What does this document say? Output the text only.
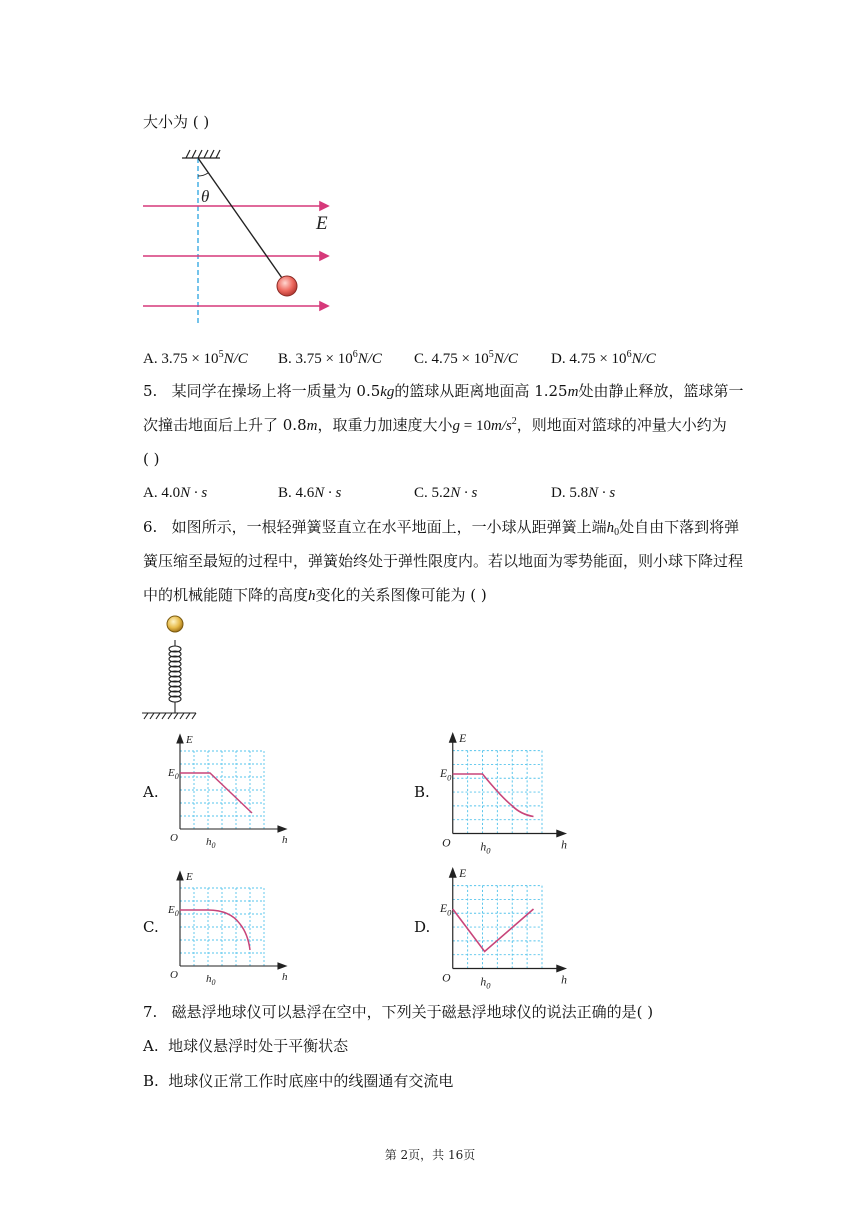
大小为 ( )
θ
E
A. $3.75 \times 10^5N/C$ B. $3.75 \times 10^6N/C$ C. $4.75 \times 10^5N/C$ D. $4.75 \times 10^6N/C$
5. 某同学在操场上将一质量为 0.5kg的篮球从距离地面高 1.25m处由静止释放，篮球第一
次撞击地面后上升了 0.8m，取重力加速度大小$g = 10m/s^2$，则地面对篮球的冲量大小约为
( )
A. 4.0N · s	B. 4.6N · s	C. 5.2N · s	D. 5.8N · s
6. 如图所示，一根轻弹簧竖直立在水平地面上，一小球从距弹簧上端$h_0$处自由下落到将弹
簧压缩至最短的过程中，弹簧始终处于弹性限度内。若以地面为零势能面，则小球下降过程
中的机械能随下降的高度h变化的关系图像可能为 ( )
A.	B.
C.	D.
E
h
O
$E_0$
$h_0$
E
h
O
$E_0$
$h_0$
E
h
O
$E_0$
$h_0$
E
h
O
$E_0$
$h_0$
7. 磁悬浮地球仪可以悬浮在空中，下列关于磁悬浮地球仪的说法正确的是( )
A. 地球仪悬浮时处于平衡状态
B. 地球仪正常工作时底座中的线圈通有交流电
第 2页，共 16页
